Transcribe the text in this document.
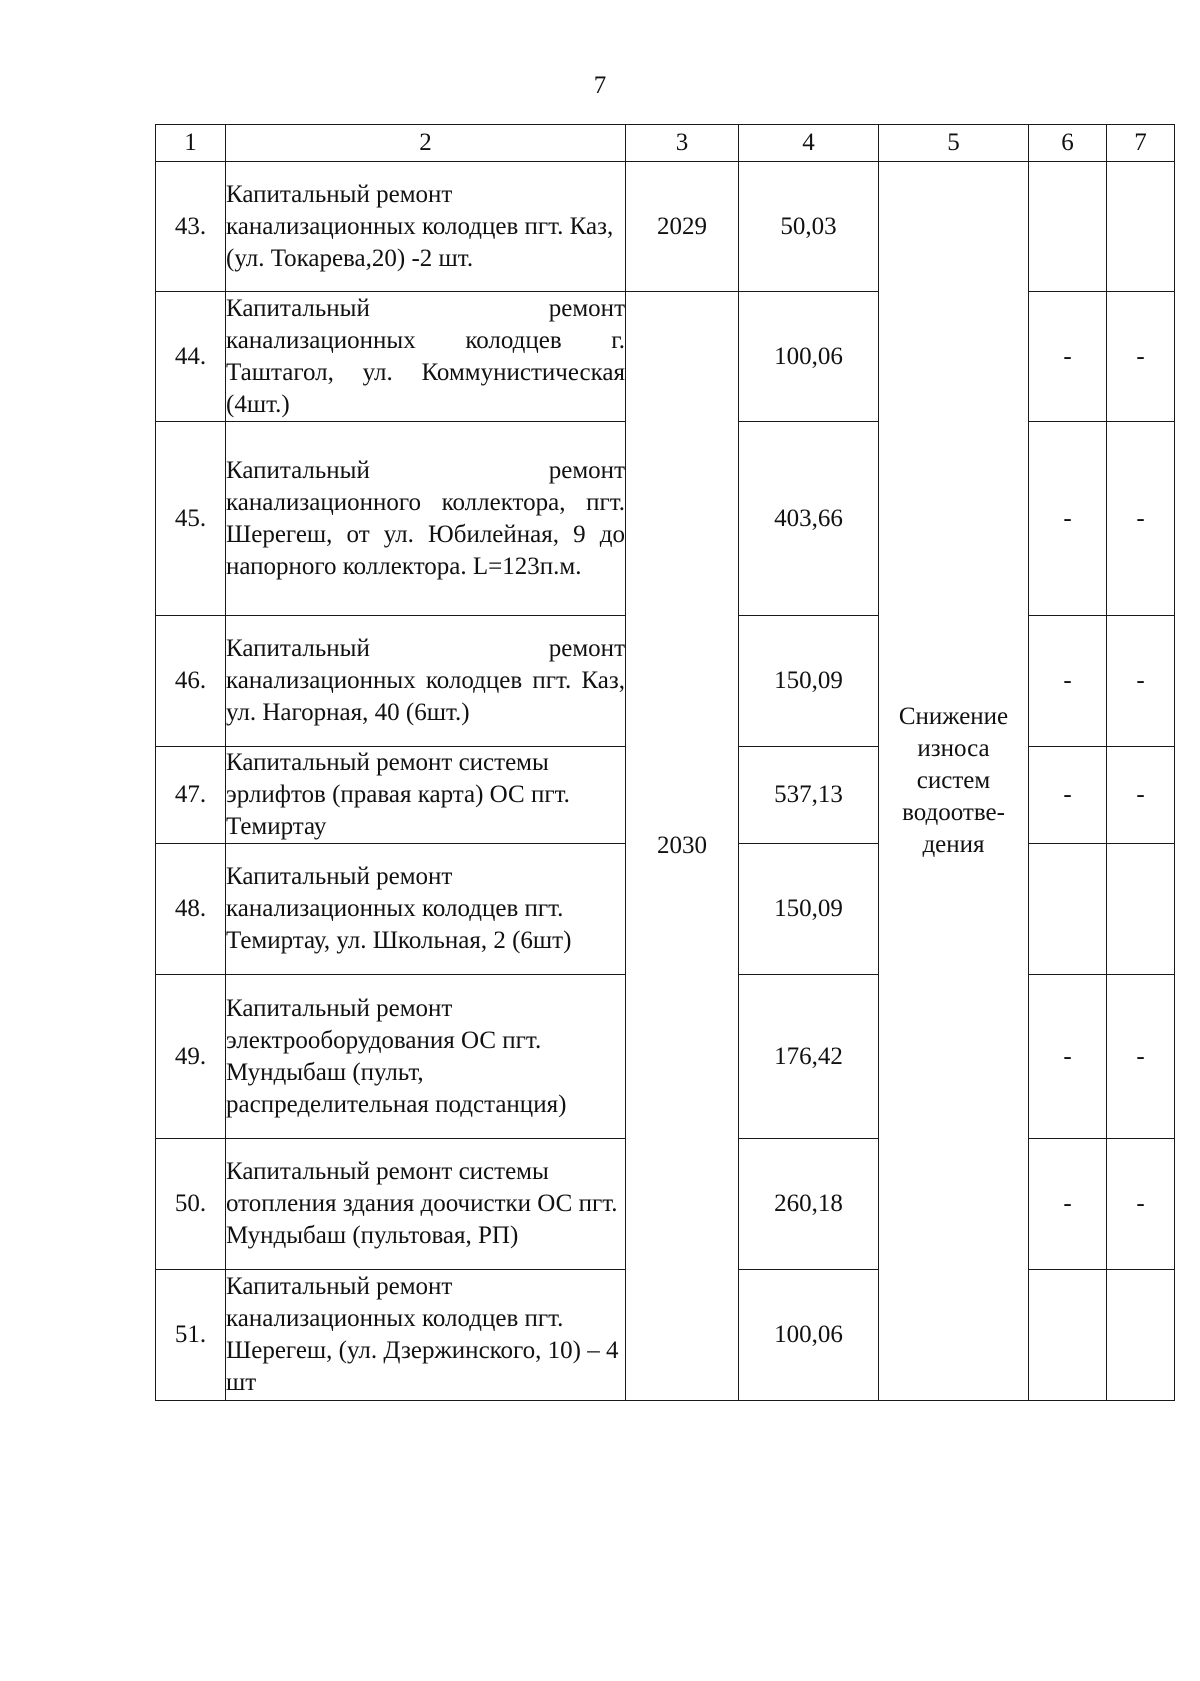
7
1	2	3	4	5	6	7
43.	Капитальный ремонт канализационных колодцев пгт. Каз, (ул. Токарева,20) -2 шт.	2029	50,03	Снижение износа систем водоотве-дения		
44.	Капитальный ремонт канализационных колодцев г. Таштагол, ул. Коммунистическая (4шт.)	2030	100,06		-	-
45.	Капитальный ремонт канализационного коллектора, пгт. Шерегеш, от ул. Юбилейная, 9 до напорного коллектора. L=123п.м.		403,66		-	-
46.	Капитальный ремонт канализационных колодцев пгт. Каз, ул. Нагорная, 40 (6шт.)		150,09		-	-
47.	Капитальный ремонт системы эрлифтов (правая карта) ОС пгт. Темиртау		537,13		-	-
48.	Капитальный ремонт канализационных колодцев пгт. Темиртау, ул. Школьная, 2 (6шт)		150,09			
49.	Капитальный ремонт электрооборудования ОС пгт. Мундыбаш (пульт, распределительная подстанция)		176,42		-	-
50.	Капитальный ремонт системы отопления здания доочистки ОС пгт. Мундыбаш (пультовая, РП)		260,18		-	-
51.	Капитальный ремонт канализационных колодцев пгт. Шерегеш, (ул. Дзержинского, 10) – 4 шт		100,06			
